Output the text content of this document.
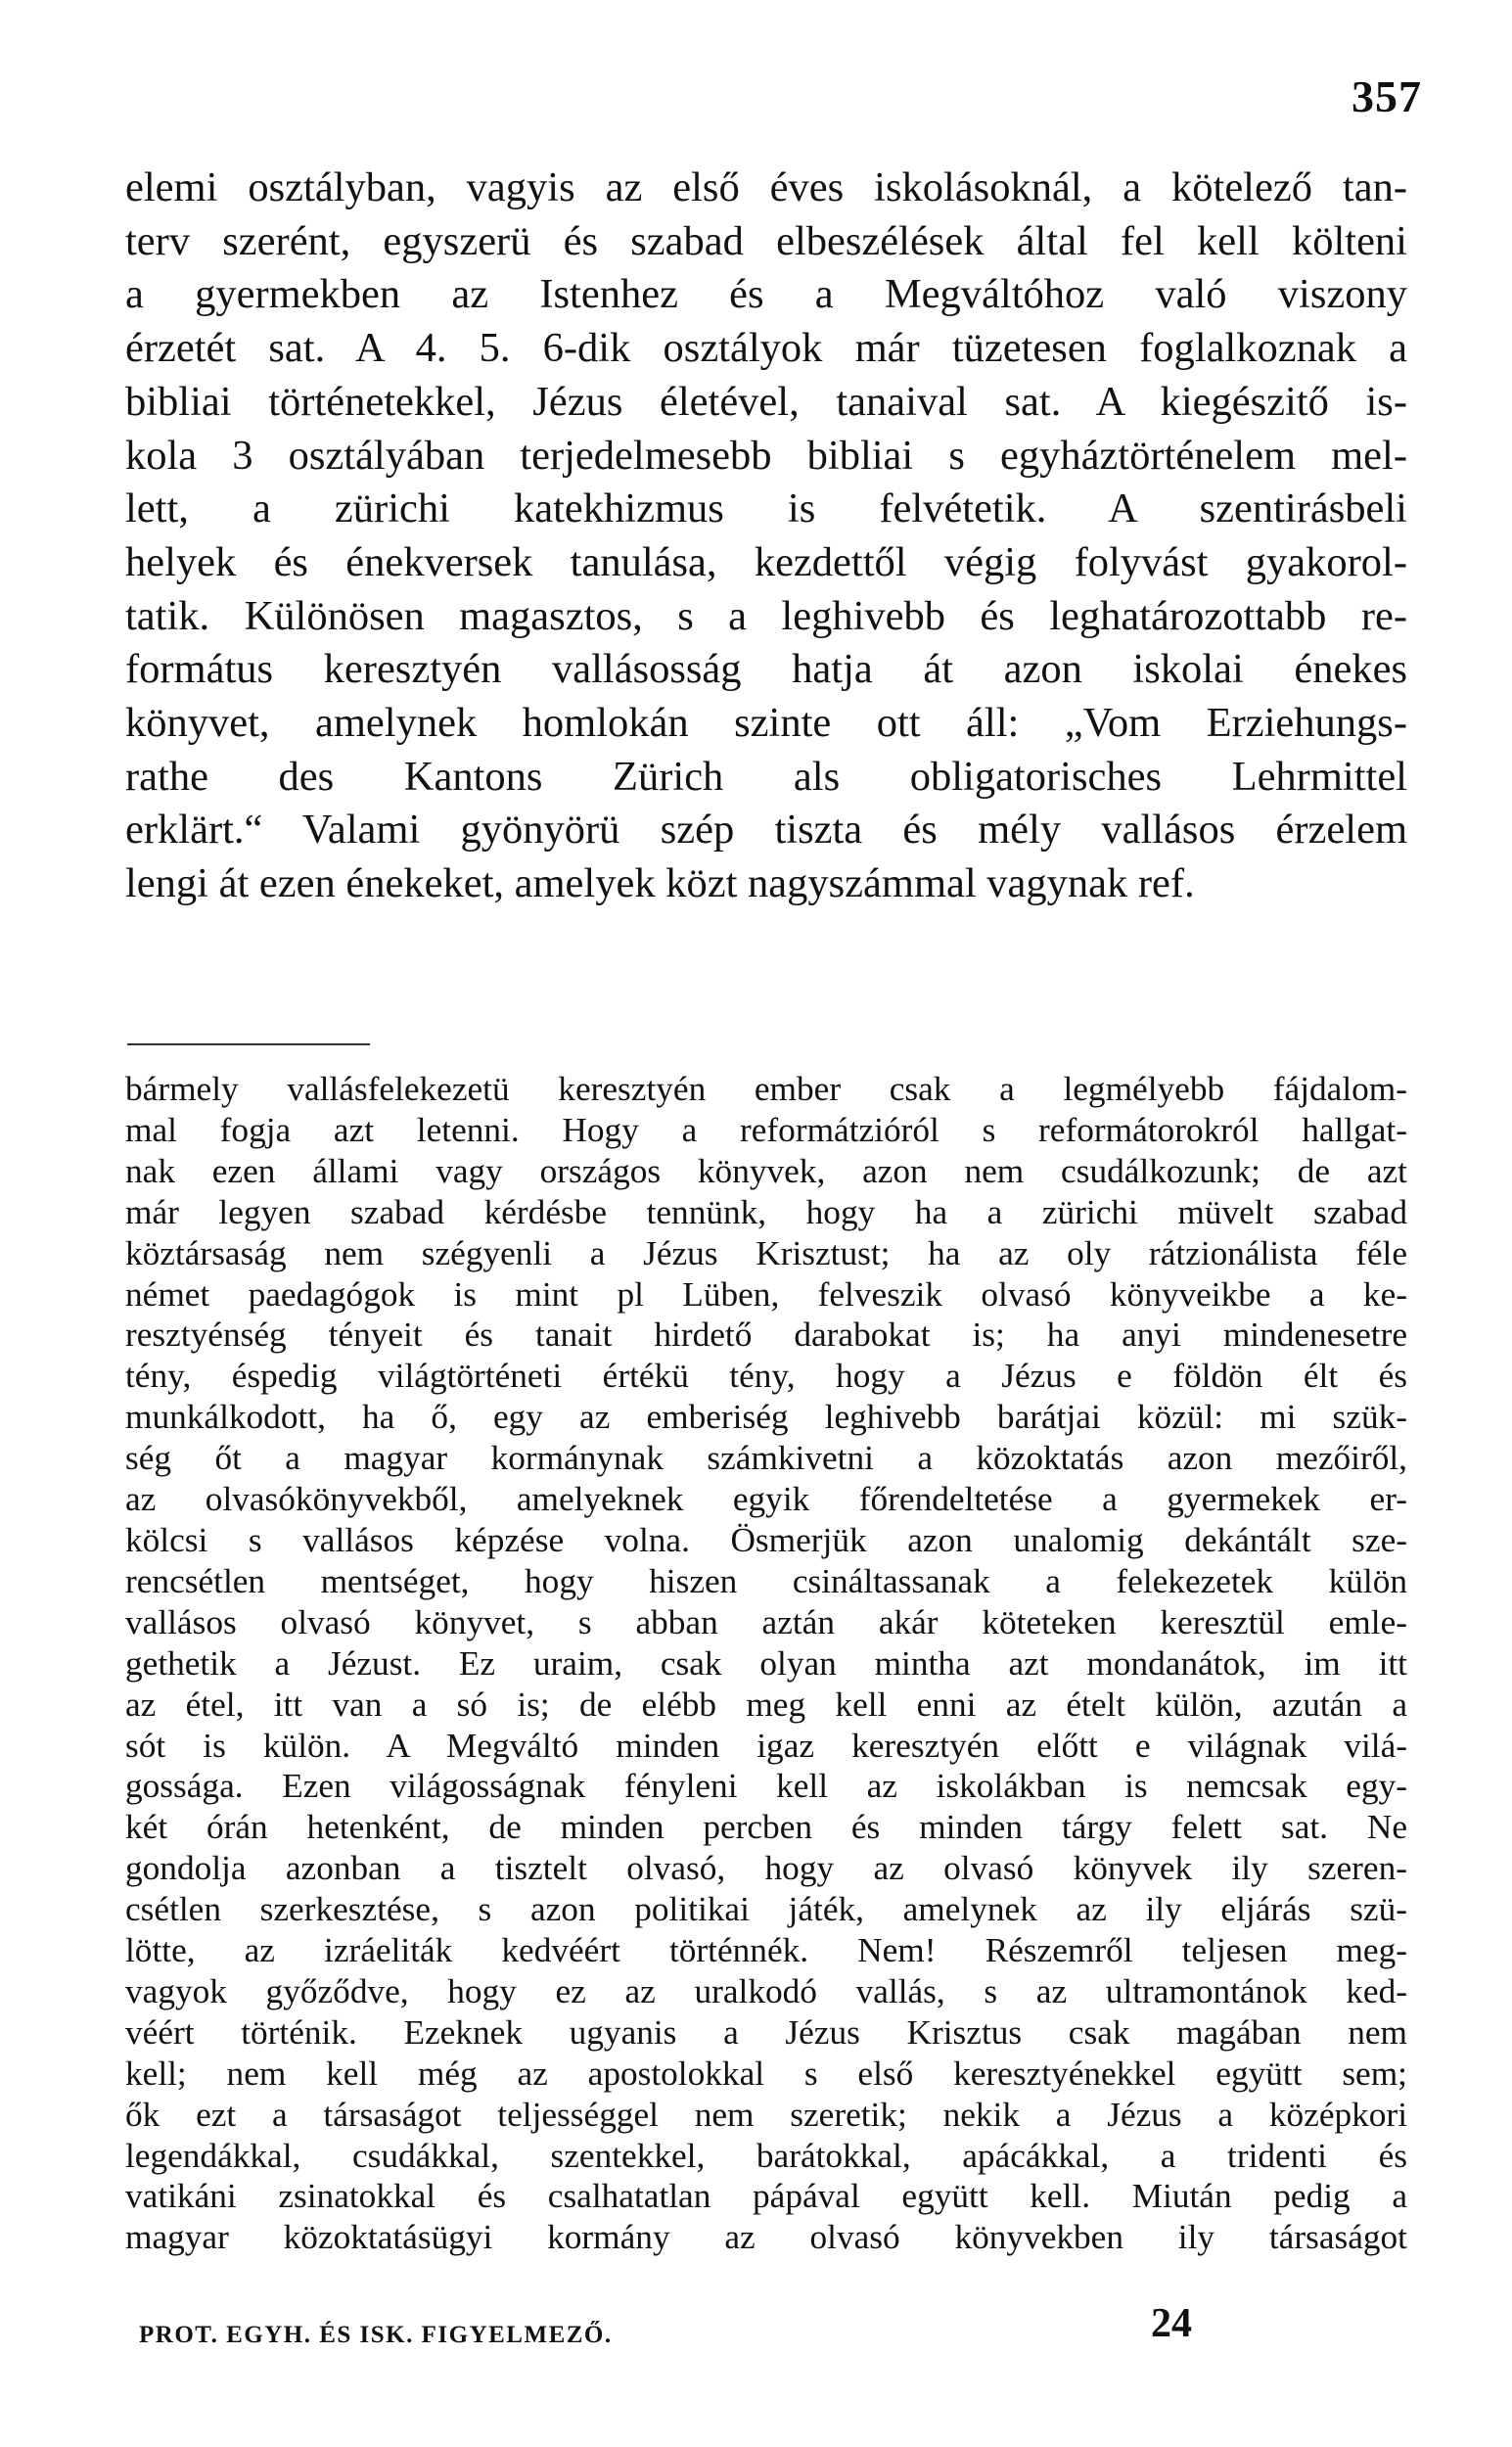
357
elemi osztályban, vagyis az első éves iskolásoknál, a kötelező tan-
terv szerént, egyszerü és szabad elbeszélések által fel kell költeni
a gyermekben az Istenhez és a Megváltóhoz való viszony
érzetét sat. A 4. 5. 6-dik osztályok már tüzetesen foglalkoznak a
bibliai történetekkel, Jézus életével, tanaival sat. A kiegészitő is-
kola 3 osztályában terjedelmesebb bibliai s egyháztörténelem mel-
lett, a zürichi katekhizmus is felvétetik. A szentirásbeli
helyek és énekversek tanulása, kezdettől végig folyvást gyakorol-
tatik. Különösen magasztos, s a leghivebb és leghatározottabb re-
formátus keresztyén vallásosság hatja át azon iskolai énekes
könyvet, amelynek homlokán szinte ott áll: „Vom Erziehungs-
rathe des Kantons Zürich als obligatorisches Lehrmittel
erklärt.“ Valami gyönyörü szép tiszta és mély vallásos érzelem
lengi át ezen énekeket, amelyek közt nagyszámmal vagynak ref.
bármely vallásfelekezetü keresztyén ember csak a legmélyebb fájdalom-
mal fogja azt letenni. Hogy a reformátzióról s reformátorokról hallgat-
nak ezen állami vagy országos könyvek, azon nem csudálkozunk; de azt
már legyen szabad kérdésbe tennünk, hogy ha a zürichi müvelt szabad
köztársaság nem szégyenli a Jézus Krisztust; ha az oly rátzionálista féle
német paedagógok is mint pl Lüben, felveszik olvasó könyveikbe a ke-
resztyénség tényeit és tanait hirdető darabokat is; ha anyi mindenesetre
tény, éspedig világtörténeti értékü tény, hogy a Jézus e földön élt és
munkálkodott, ha ő, egy az emberiség leghivebb barátjai közül: mi szük-
ség őt a magyar kormánynak számkivetni a közoktatás azon mezőiről,
az olvasókönyvekből, amelyeknek egyik főrendeltetése a gyermekek er-
kölcsi s vallásos képzése volna. Ösmerjük azon unalomig dekántált sze-
rencsétlen mentséget, hogy hiszen csináltassanak a felekezetek külön
vallásos olvasó könyvet, s abban aztán akár köteteken keresztül emle-
gethetik a Jézust. Ez uraim, csak olyan mintha azt mondanátok, im itt
az étel, itt van a só is; de elébb meg kell enni az ételt külön, azután a
sót is külön. A Megváltó minden igaz keresztyén előtt e világnak vilá-
gossága. Ezen világosságnak fényleni kell az iskolákban is nemcsak egy-
két órán hetenként, de minden percben és minden tárgy felett sat. Ne
gondolja azonban a tisztelt olvasó, hogy az olvasó könyvek ily szeren-
csétlen szerkesztése, s azon politikai játék, amelynek az ily eljárás szü-
lötte, az izráeliták kedvéért történnék. Nem! Részemről teljesen meg-
vagyok győződve, hogy ez az uralkodó vallás, s az ultramontánok ked-
véért történik. Ezeknek ugyanis a Jézus Krisztus csak magában nem
kell; nem kell még az apostolokkal s első keresztyénekkel együtt sem;
ők ezt a társaságot teljességgel nem szeretik; nekik a Jézus a középkori
legendákkal, csudákkal, szentekkel, barátokkal, apácákkal, a tridenti és
vatikáni zsinatokkal és csalhatatlan pápával együtt kell. Miután pedig a
magyar közoktatásügyi kormány az olvasó könyvekben ily társaságot
PROT. EGYH. ÉS ISK. FIGYELMEZŐ.	24
